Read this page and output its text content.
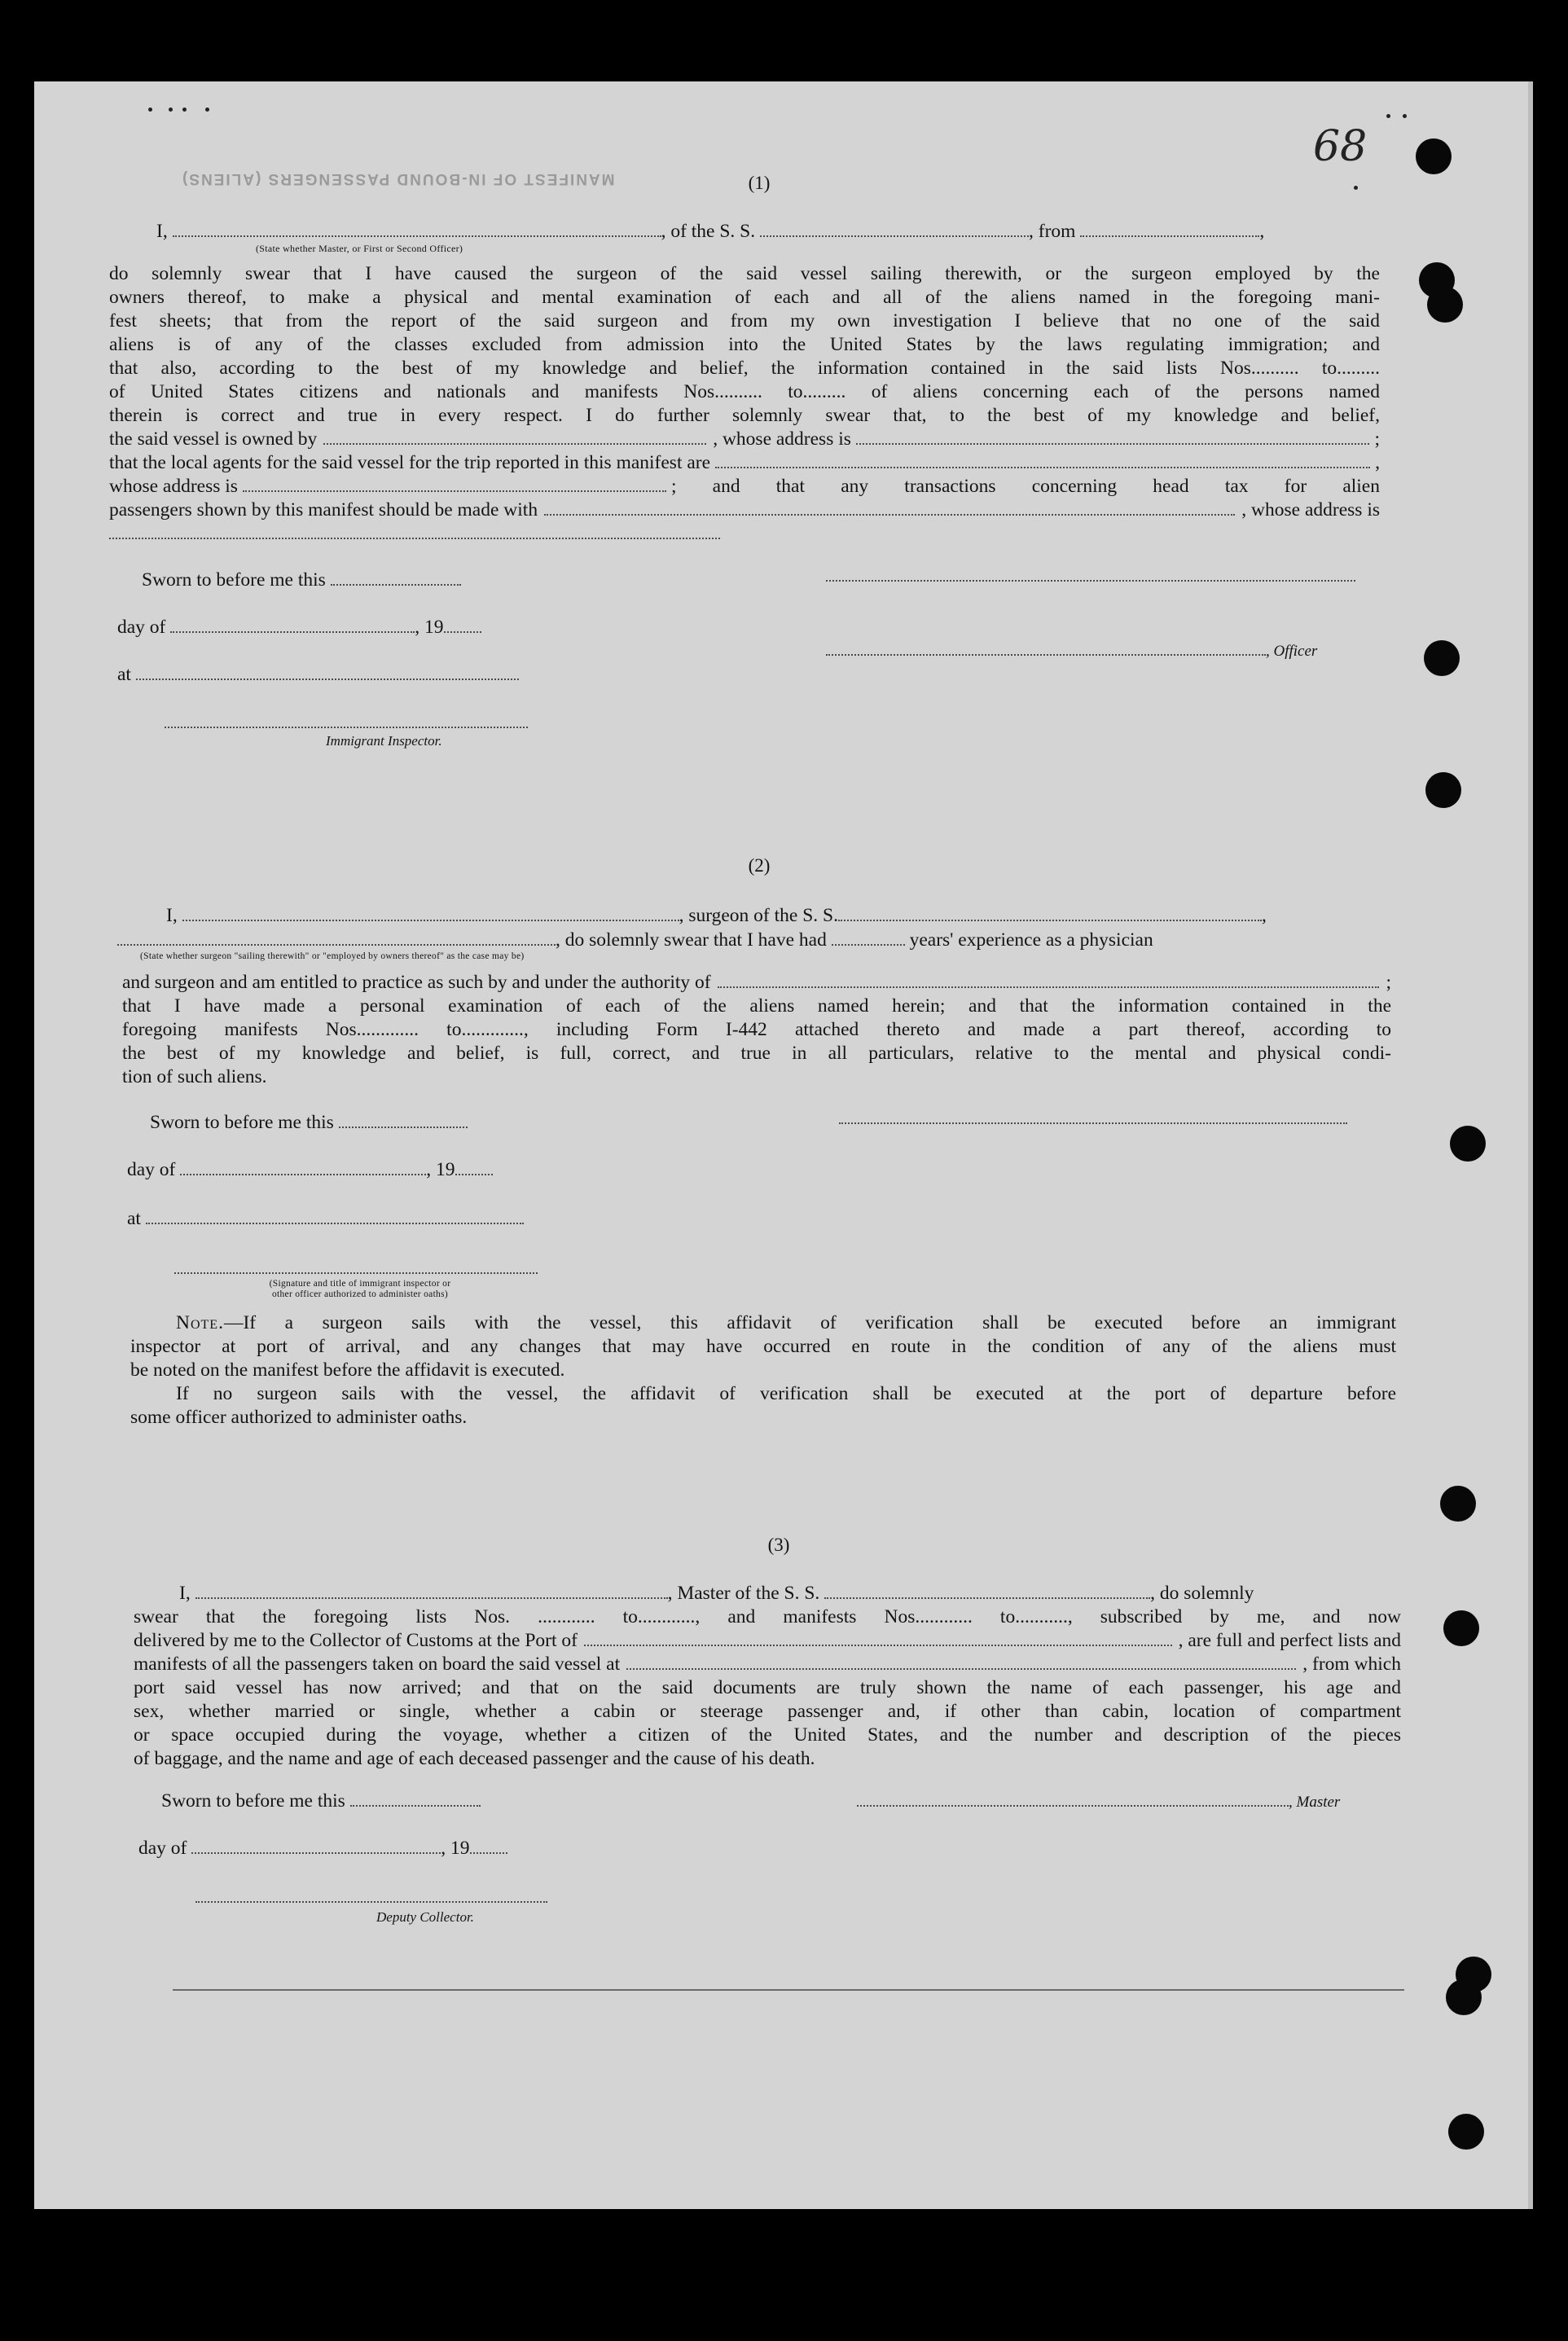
MANIFEST OF IN-BOUND PASSENGERS (ALIENS)
68
(1)
I,	, of the S. S.	, from	,
(State whether Master, or First or Second Officer)
do solemnly swear that I have caused the surgeon of the said vessel sailing therewith, or the surgeon employed by the
owners thereof, to make a physical and mental examination of each and all of the aliens named in the foregoing mani-
fest sheets; that from the report of the said surgeon and from my own investigation I believe that no one of the said
aliens is of any of the classes excluded from admission into the United States by the laws regulating immigration; and
that also, according to the best of my knowledge and belief, the information contained in the said lists Nos.......... to.........
of United States citizens and nationals and manifests Nos.......... to......... of aliens concerning each of the persons named
therein is correct and true in every respect. I do further solemnly swear that, to the best of my knowledge and belief,
the said vessel is owned by	, whose address is	;
that the local agents for the said vessel for the trip reported in this manifest are	,
whose address is	; and that any transactions concerning head tax for alien
passengers shown by this manifest should be made with	, whose address is
Sworn to before me this
day of	, 19
, Officer
at
Immigrant Inspector.
(2)
I,	, surgeon of the S. S.	,
, do solemnly swear that I have had	years' experience as a physician
(State whether surgeon "sailing therewith" or "employed by owners thereof" as the case may be)
and surgeon and am entitled to practice as such by and under the authority of	;
that I have made a personal examination of each of the aliens named herein; and that the information contained in the
foregoing manifests Nos............. to............., including Form I-442 attached thereto and made a part thereof, according to
the best of my knowledge and belief, is full, correct, and true in all particulars, relative to the mental and physical condi-
tion of such aliens.
Sworn to before me this
day of	, 19
at
(Signature and title of immigrant inspector or
other officer authorized to administer oaths)
Note. —If a surgeon sails with the vessel, this affidavit of verification shall be executed before an immigrant
inspector at port of arrival, and any changes that may have occurred en route in the condition of any of the aliens must
be noted on the manifest before the affidavit is executed.
If no surgeon sails with the vessel, the affidavit of verification shall be executed at the port of departure before
some officer authorized to administer oaths.
(3)
I,	, Master of the S. S.	, do solemnly
swear that the foregoing lists Nos. ............ to............, and manifests Nos............ to..........., subscribed by me, and now
delivered by me to the Collector of Customs at the Port of	, are full and perfect lists and
manifests of all the passengers taken on board the said vessel at	, from which
port said vessel has now arrived; and that on the said documents are truly shown the name of each passenger, his age and
sex, whether married or single, whether a cabin or steerage passenger and, if other than cabin, location of compartment
or space occupied during the voyage, whether a citizen of the United States, and the number and description of the pieces
of baggage, and the name and age of each deceased passenger and the cause of his death.
Sworn to before me this	, Master
day of	, 19
Deputy Collector.
